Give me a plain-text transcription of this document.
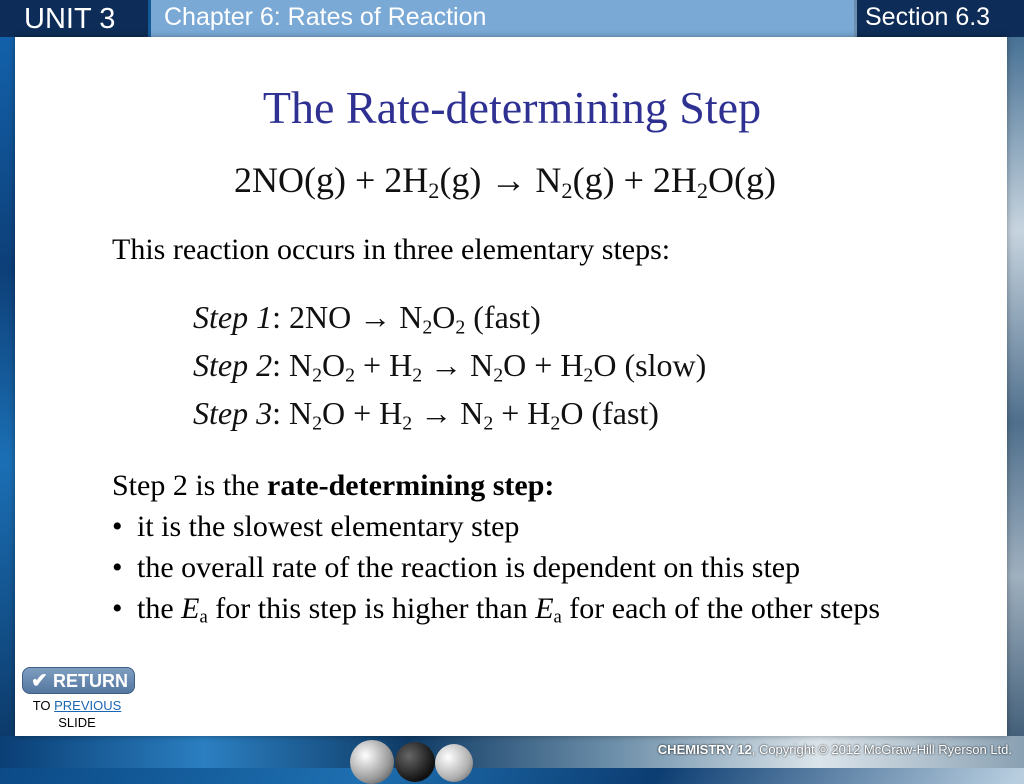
UNIT 3	Chapter 6: Rates of Reaction	Section 6.3
The Rate-determining Step
$2NO(g) + 2H_2(g) \to N_2(g) + 2H_2O(g)$
This reaction occurs in three elementary steps:
Step 1: $2NO \to N_2O_2$ (fast)
Step 2: $N_2O_2 + H_2 \to N_2O + H_2O$ (slow)
Step 3: $N_2O + H_2 \to N_2 + H_2O$ (fast)
Step 2 is the rate-determining step:
• it is the slowest elementary step
• the overall rate of the reaction is dependent on this step
• the $E_a$ for this step is higher than $E_a$ for each of the other steps
✔ RETURN
TO PREVIOUS
SLIDE
CHEMISTRY 12, Copyright © 2012 McGraw-Hill Ryerson Ltd.
